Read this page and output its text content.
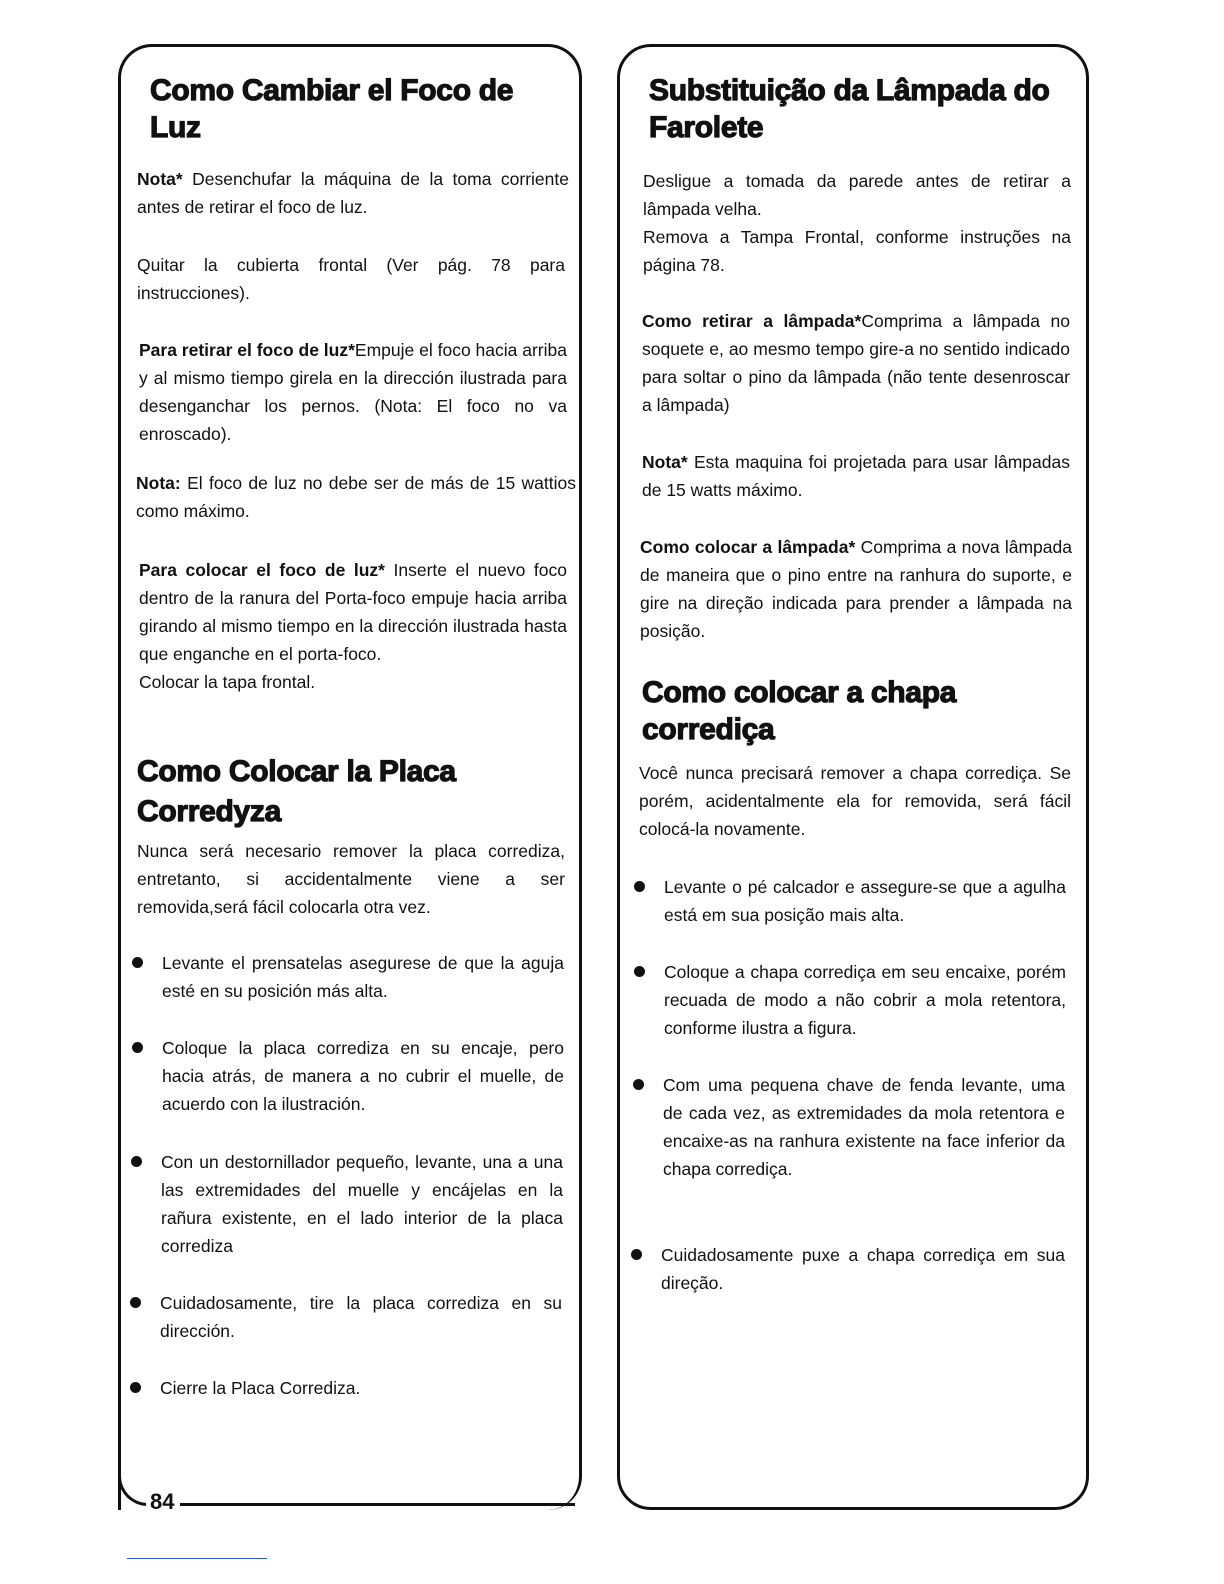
84
Como Cambiar el Foco de Luz

Nota* Desenchufar la máquina de la toma corriente antes de retirar el foco de luz.

Quitar la cubierta frontal (Ver pág. 78 para instrucciones).

Para retirar el foco de luz*Empuje el foco hacia arriba y al mismo tiempo girela en la dirección ilustrada para desenganchar los pernos. (Nota: El foco no va enroscado).

Nota: El foco de luz no debe ser de más de 15 wattios como máximo.

Para colocar el foco de luz* Inserte el nuevo foco dentro de la ranura del Porta-foco empuje hacia arriba girando al mismo tiempo en la dirección ilustrada hasta que enganche en el porta-foco.
Colocar la tapa frontal.

Como Colocar la Placa Corredyza

Nunca será necesario remover la placa corrediza, entretanto, si accidentalmente viene a ser removida,será fácil colocarla otra vez.

Levante el prensatelas asegurese de que la aguja esté en su posición más alta.
Coloque la placa corrediza en su encaje, pero hacia atrás, de manera a no cubrir el muelle, de acuerdo con la ilustración.
Con un destornillador pequeño, levante, una a una las extremidades del muelle y encájelas en la rañura existente, en el lado interior de la placa corrediza
Cuidadosamente, tire la placa corrediza en su dirección.
Cierre la Placa Corrediza.
Substituição da Lâmpada do Farolete

Desligue a tomada da parede antes de retirar a lâmpada velha.
Remova a Tampa Frontal, conforme instruções na página 78.

Como retirar a lâmpada*Comprima a lâmpada no soquete e, ao mesmo tempo gire-a no sentido indicado para soltar o pino da lâmpada (não tente desenroscar a lâmpada)

Nota* Esta maquina foi projetada para usar lâmpadas de 15 watts máximo.

Como colocar a lâmpada* Comprima a nova lâmpada de maneira que o pino entre na ranhura do suporte, e gire na direção indicada para prender a lâmpada na posição.

Como colocar a chapa corrediça

Você nunca precisará remover a chapa corrediça. Se porém, acidentalmente ela for removida, será fácil colocá-la novamente.

Levante o pé calcador e assegure-se que a agulha está em sua posição mais alta.
Coloque a chapa corrediça em seu encaixe, porém recuada de modo a não cobrir a mola retentora, conforme ilustra a figura.
Com uma pequena chave de fenda levante, uma de cada vez, as extremidades da mola retentora e encaixe-as na ranhura existente na face inferior da chapa corrediça.
Cuidadosamente puxe a chapa corrediça em sua direção.
